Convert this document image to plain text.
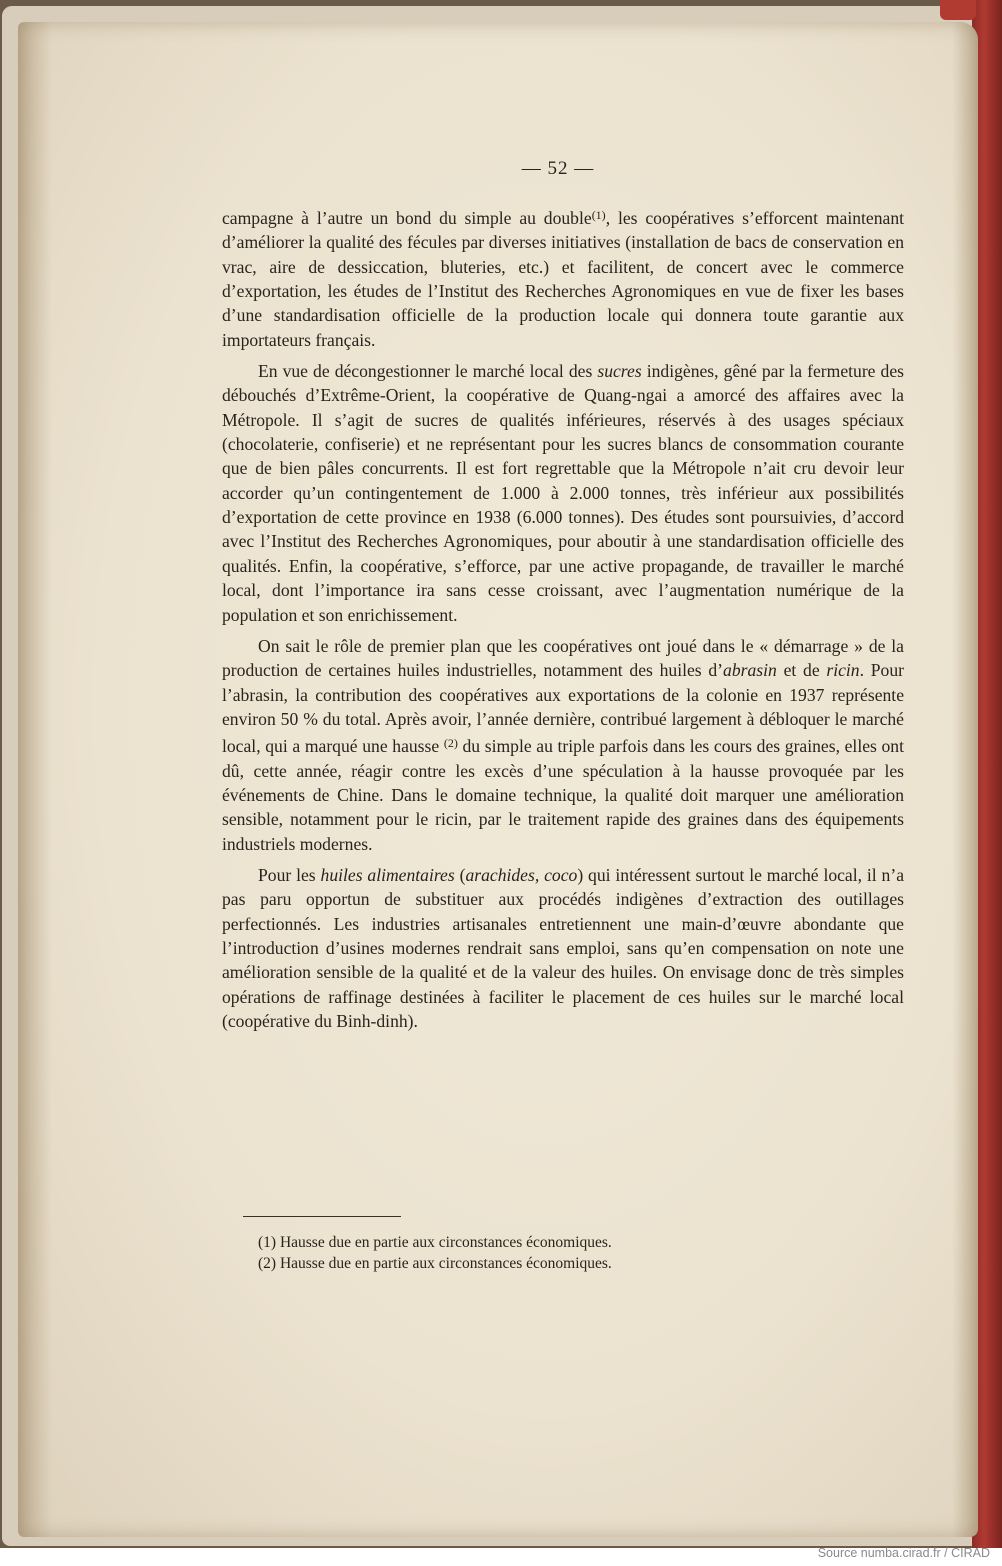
— 52 —

campagne à l’autre un bond du simple au double$^{(1)}$, les coopératives s’efforcent maintenant d’améliorer la qualité des fécules par diverses initiatives (installation de bacs de conservation en vrac, aire de dessiccation, bluteries, etc.) et facilitent, de concert avec le commerce d’exportation, les études de l’Institut des Recherches Agronomiques en vue de fixer les bases d’une standardisation officielle de la production locale qui donnera toute garantie aux importateurs français.

En vue de décongestionner le marché local des sucres indigènes, gêné par la fermeture des débouchés d’Extrême-Orient, la coopérative de Quang-ngai a amorcé des affaires avec la Métropole. Il s’agit de sucres de qualités inférieures, réservés à des usages spéciaux (chocolaterie, confiserie) et ne représentant pour les sucres blancs de consommation courante que de bien pâles concurrents. Il est fort regrettable que la Métropole n’ait cru devoir leur accorder qu’un contingentement de 1.000 à 2.000 tonnes, très inférieur aux possibilités d’exportation de cette province en 1938 (6.000 tonnes). Des études sont poursuivies, d’accord avec l’Institut des Recherches Agronomiques, pour aboutir à une standardisation officielle des qualités. Enfin, la coopérative, s’efforce, par une active propagande, de travailler le marché local, dont l’importance ira sans cesse croissant, avec l’augmentation numérique de la population et son enrichissement.

On sait le rôle de premier plan que les coopératives ont joué dans le « démarrage » de la production de certaines huiles industrielles, notamment des huiles d’abrasin et de ricin. Pour l’abrasin, la contribution des coopératives aux exportations de la colonie en 1937 représente environ 50 % du total. Après avoir, l’année dernière, contribué largement à débloquer le marché local, qui a marqué une hausse $^{(2)}$ du simple au triple parfois dans les cours des graines, elles ont dû, cette année, réagir contre les excès d’une spéculation à la hausse provoquée par les événements de Chine. Dans le domaine technique, la qualité doit marquer une amélioration sensible, notamment pour le ricin, par le traitement rapide des graines dans des équipements industriels modernes.

Pour les huiles alimentaires (arachides, coco) qui intéressent surtout le marché local, il n’a pas paru opportun de substituer aux procédés indigènes d’extraction des outillages perfectionnés. Les industries artisanales entretiennent une main-d’œuvre abondante que l’introduction d’usines modernes rendrait sans emploi, sans qu’en compensation on note une amélioration sensible de la qualité et de la valeur des huiles. On envisage donc de très simples opérations de raffinage destinées à faciliter le placement de ces huiles sur le marché local (coopérative du Binh-dinh).

(1) Hausse due en partie aux circonstances économiques.
(2) Hausse due en partie aux circonstances économiques.
Source numba.cirad.fr / CIRAD
